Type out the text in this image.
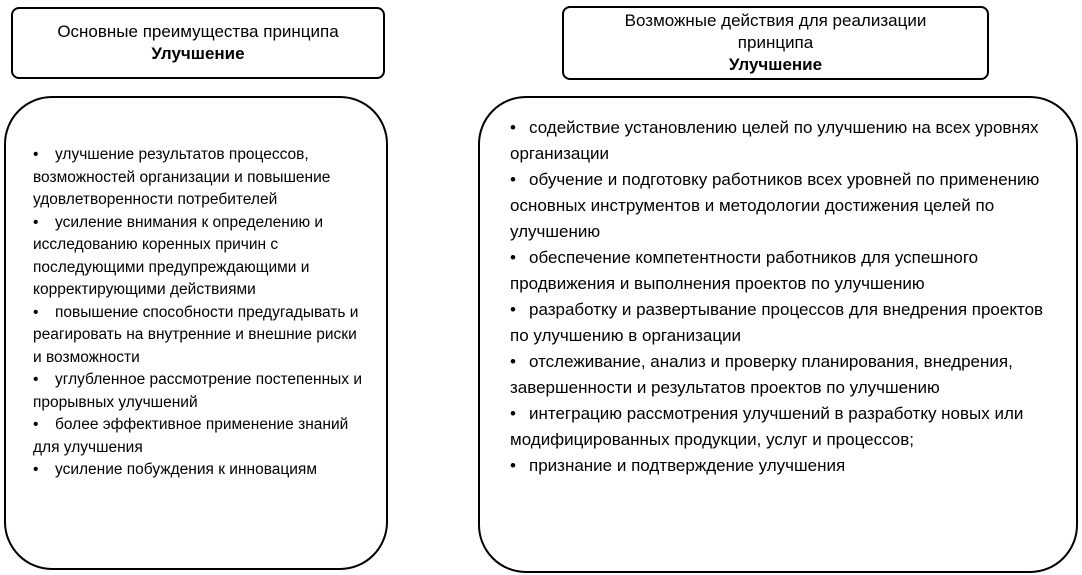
Основные преимущества принципа
Улучшение
Возможные действия для реализации принципа
Улучшение
• улучшение результатов процессов, возможностей организации и повышение удовлетворенности потребителей
• усиление внимания к определению и исследованию коренных причин с последующими предупреждающими и корректирующими действиями
• повышение способности предугадывать и реагировать на внутренние и внешние риски и возможности
• углубленное рассмотрение постепенных и прорывных улучшений
• более эффективное применение знаний для улучшения
• усиление побуждения к инновациям
• содействие установлению целей по улучшению на всех уровнях организации
• обучение и подготовку работников всех уровней по применению основных инструментов и методологии достижения целей по улучшению
• обеспечение компетентности работников для успешного продвижения и выполнения проектов по улучшению
• разработку и развертывание процессов для внедрения проектов по улучшению в организации
• отслеживание, анализ и проверку планирования, внедрения, завершенности и результатов проектов по улучшению
• интеграцию рассмотрения улучшений в разработку новых или модифицированных продукции, услуг и процессов;
• признание и подтверждение улучшения
